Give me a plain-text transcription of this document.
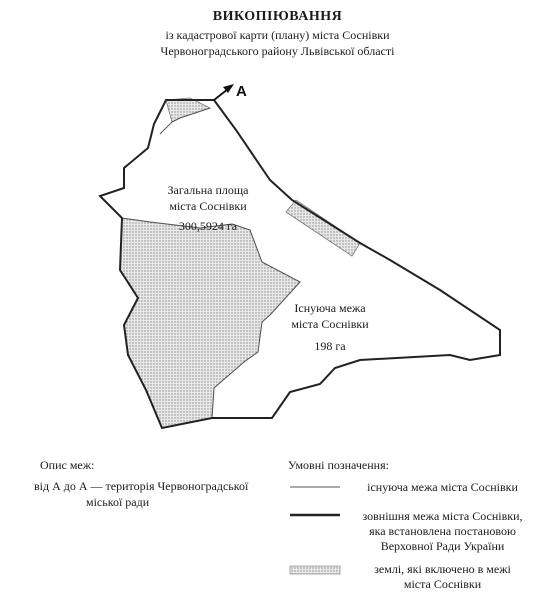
ВИКОПІЮВАННЯ
із кадастрової карти (плану) міста Соснівки
Червоноградського району Львівської області
А
Загальна площа
міста Соснівки
300,5924 га
Існуюча межа
міста Соснівки
198 га
Опис меж:
від А до А — територія Червоноградської
міської ради
Умовні позначення:
існуюча межа міста Соснівки
зовнішня межа міста Соснівки,
яка встановлена постановою
Верховної Ради України
землі, які включено в межі
міста Соснівки
